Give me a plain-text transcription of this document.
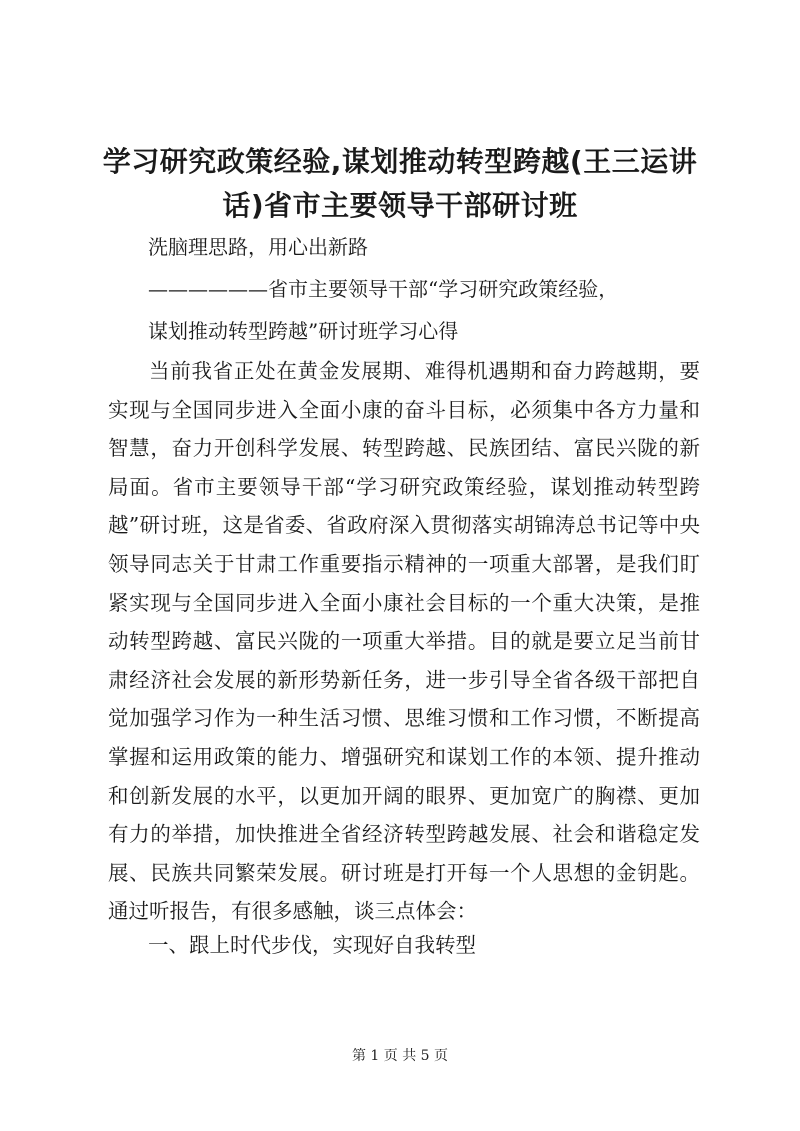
学习研究政策经验,谋划推动转型跨越(王三运讲话)省市主要领导干部研讨班
洗脑理思路，用心出新路
——————省市主要领导干部“学习研究政策经验，
谋划推动转型跨越”研讨班学习心得

当前我省正处在黄金发展期、难得机遇期和奋力跨越期，要实现与全国同步进入全面小康的奋斗目标，必须集中各方力量和智慧，奋力开创科学发展、转型跨越、民族团结、富民兴陇的新局面。省市主要领导干部“学习研究政策经验，谋划推动转型跨越”研讨班，这是省委、省政府深入贯彻落实胡锦涛总书记等中央领导同志关于甘肃工作重要指示精神的一项重大部署，是我们盯紧实现与全国同步进入全面小康社会目标的一个重大决策，是推动转型跨越、富民兴陇的一项重大举措。目的就是要立足当前甘肃经济社会发展的新形势新任务，进一步引导全省各级干部把自觉加强学习作为一种生活习惯、思维习惯和工作习惯，不断提高掌握和运用政策的能力、增强研究和谋划工作的本领、提升推动和创新发展的水平，以更加开阔的眼界、更加宽广的胸襟、更加有力的举措，加快推进全省经济转型跨越发展、社会和谐稳定发展、民族共同繁荣发展。研讨班是打开每一个人思想的金钥匙。通过听报告，有很多感触，谈三点体会：

一、跟上时代步伐，实现好自我转型

第 1 页 共 5 页
